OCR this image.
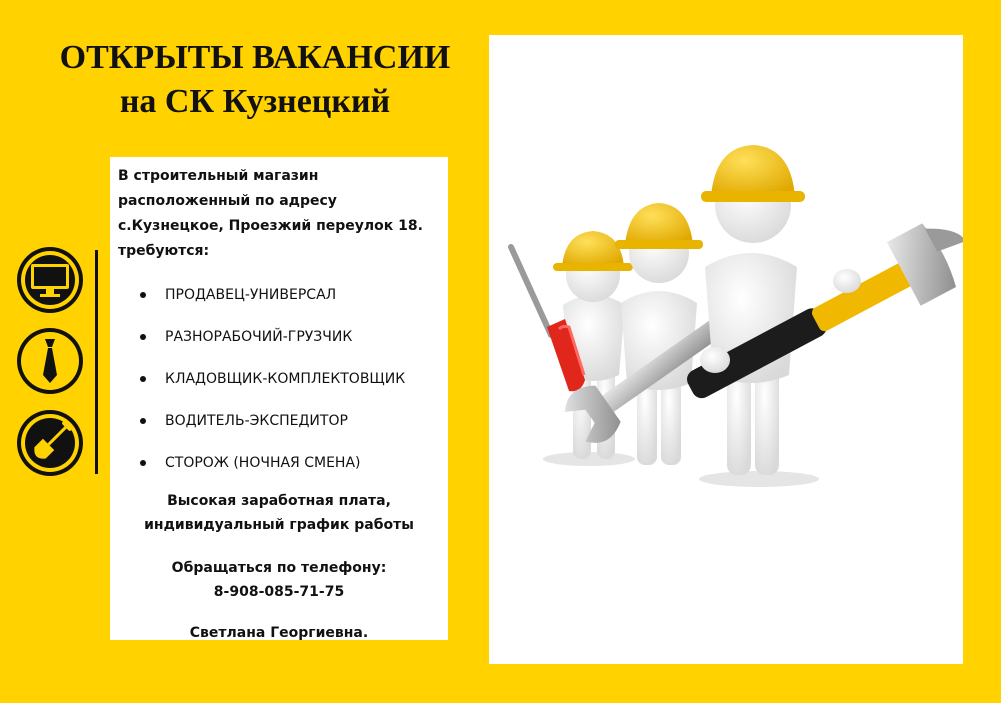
ОТКРЫТЫ ВАКАНСИИ
на СК Кузнецкий
В строительный магазин
расположенный по адресу
с.Кузнецкое, Проезжий переулок 18.
требуются:
ПРОДАВЕЦ-УНИВЕРСАЛ
РАЗНОРАБОЧИЙ-ГРУЗЧИК
КЛАДОВЩИК-КОМПЛЕКТОВЩИК
ВОДИТЕЛЬ-ЭКСПЕДИТОР
СТОРОЖ (НОЧНАЯ СМЕНА)
Высокая заработная плата,
индивидуальный график работы
Обращаться по телефону:
8-908-085-71-75
Светлана Георгиевна.
